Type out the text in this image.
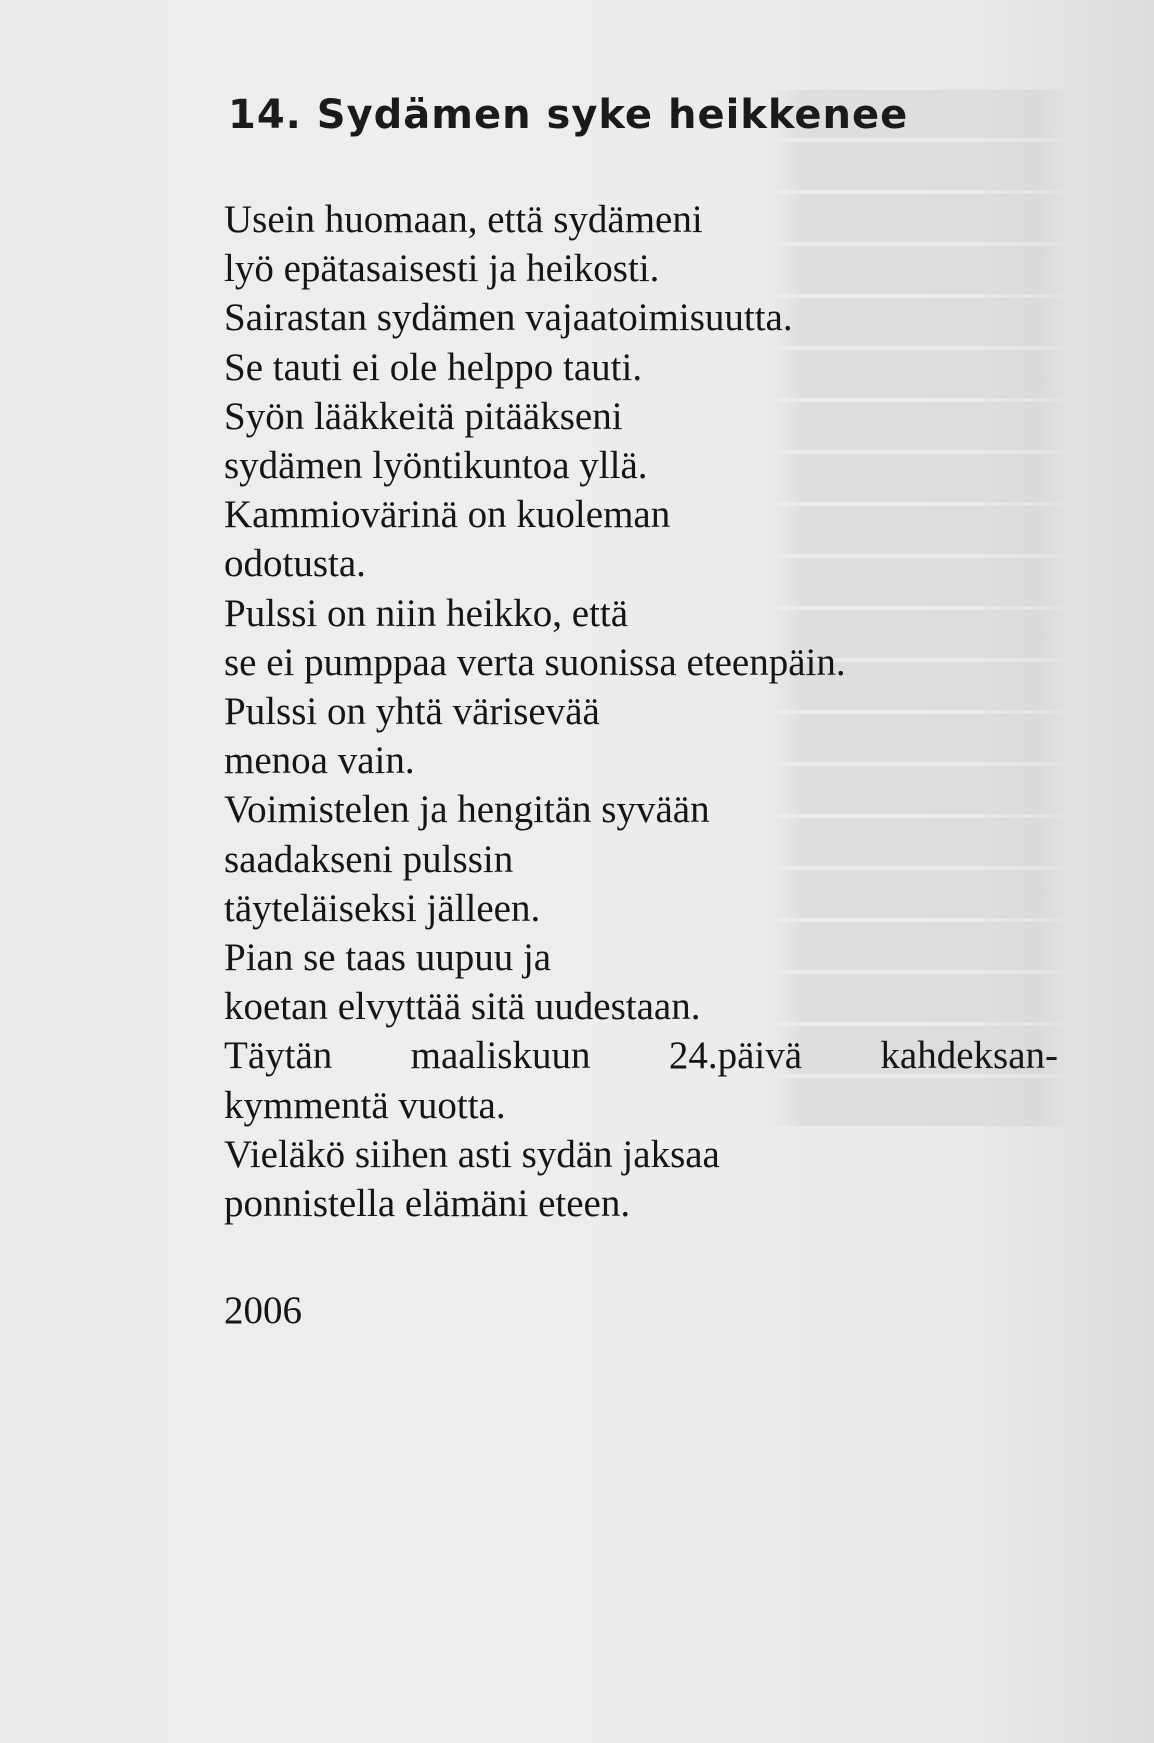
14. Sydämen syke heikkenee
Usein huomaan, että sydämeni
lyö epätasaisesti ja heikosti.
Sairastan sydämen vajaatoimisuutta.
Se tauti ei ole helppo tauti.
Syön lääkkeitä pitääkseni
sydämen lyöntikuntoa yllä.
Kammiovärinä on kuoleman
odotusta.
Pulssi on niin heikko, että
se ei pumppaa verta suonissa eteenpäin.
Pulssi on yhtä värisevää
menoa vain.
Voimistelen ja hengitän syvään
saadakseni pulssin
täyteläiseksi jälleen.
Pian se taas uupuu ja
koetan elvyttää sitä uudestaan.
Täytän maaliskuun 24.päivä kahdeksan-
kymmentä vuotta.
Vieläkö siihen asti sydän jaksaa
ponnistella elämäni eteen.

2006
